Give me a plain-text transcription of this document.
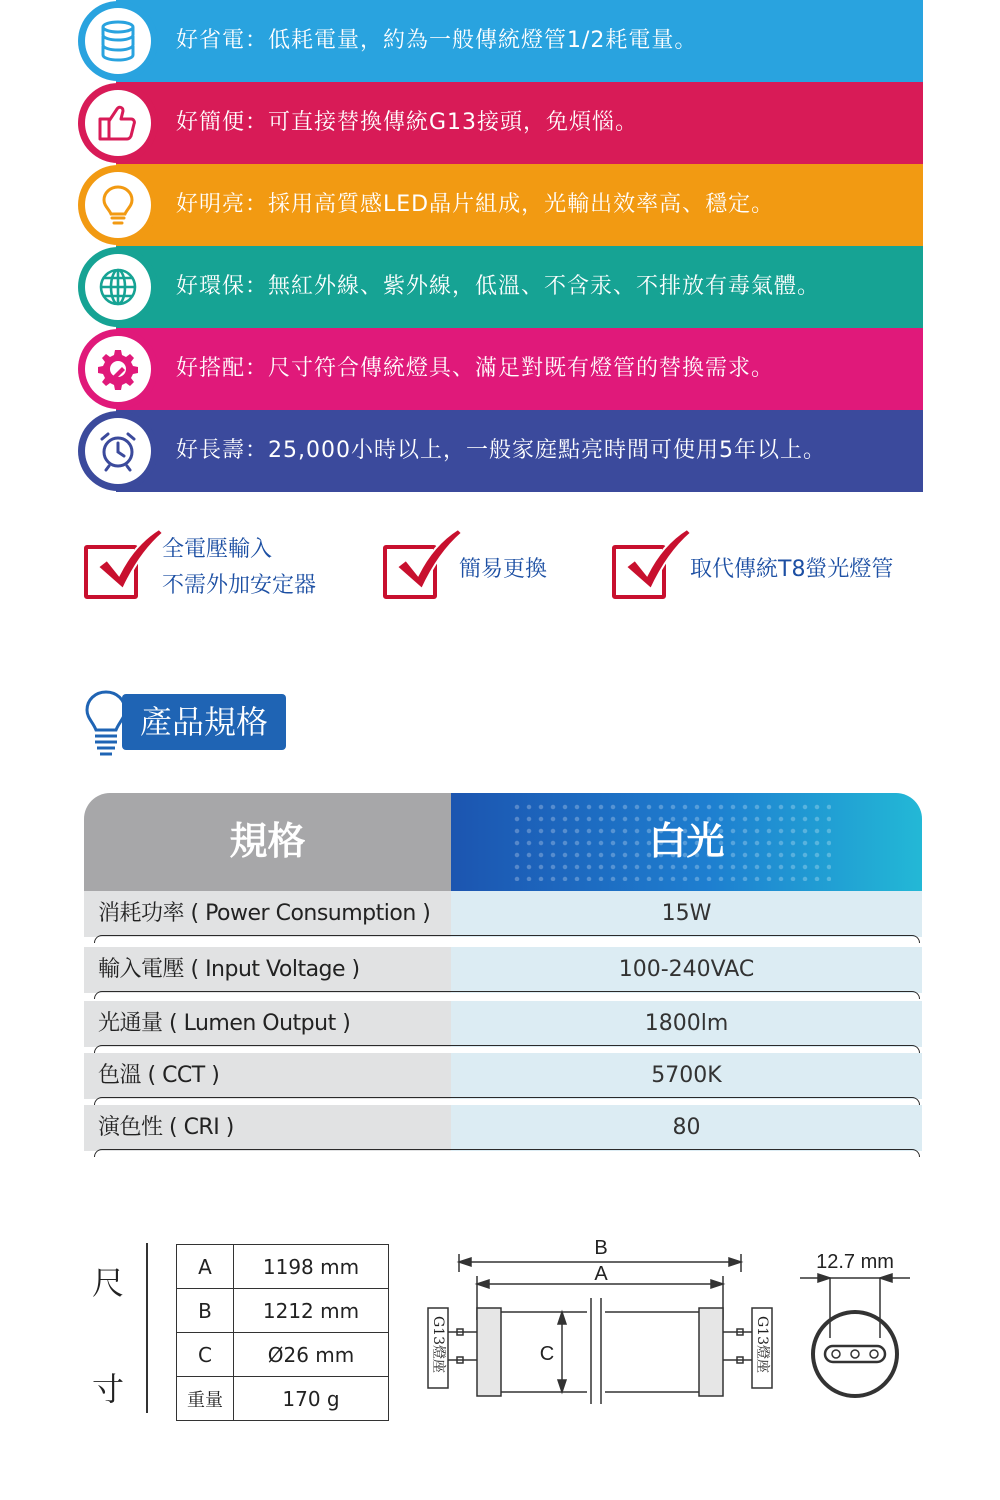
好省電：低耗電量，約為一般傳統燈管1/2耗電量。
好簡便：可直接替換傳統G13接頭，免煩惱。
好明亮：採用高質感LED晶片組成，光輸出效率高、穩定。
好環保：無紅外線、紫外線，低溫、不含汞、不排放有毒氣體。
好搭配：尺寸符合傳統燈具、滿足對既有燈管的替換需求。
好長壽：25,000小時以上，一般家庭點亮時間可使用5年以上。
全電壓輸入
不需外加安定器
簡易更換	取代傳統T8螢光燈管
產品規格
規格	白光
消耗功率 ( Power Consumption )	15W
輸入電壓 ( Input Voltage )	100-240VAC
光通量 ( Lumen Output )	1800lm
色溫 ( CCT )	5700K
演色性 ( CRI )	80
尺
寸
A	1198 mm
B	1212 mm
C	Ø26 mm
重量	170 g
B
A
C
G13燈座	G13燈座
12.7 mm
